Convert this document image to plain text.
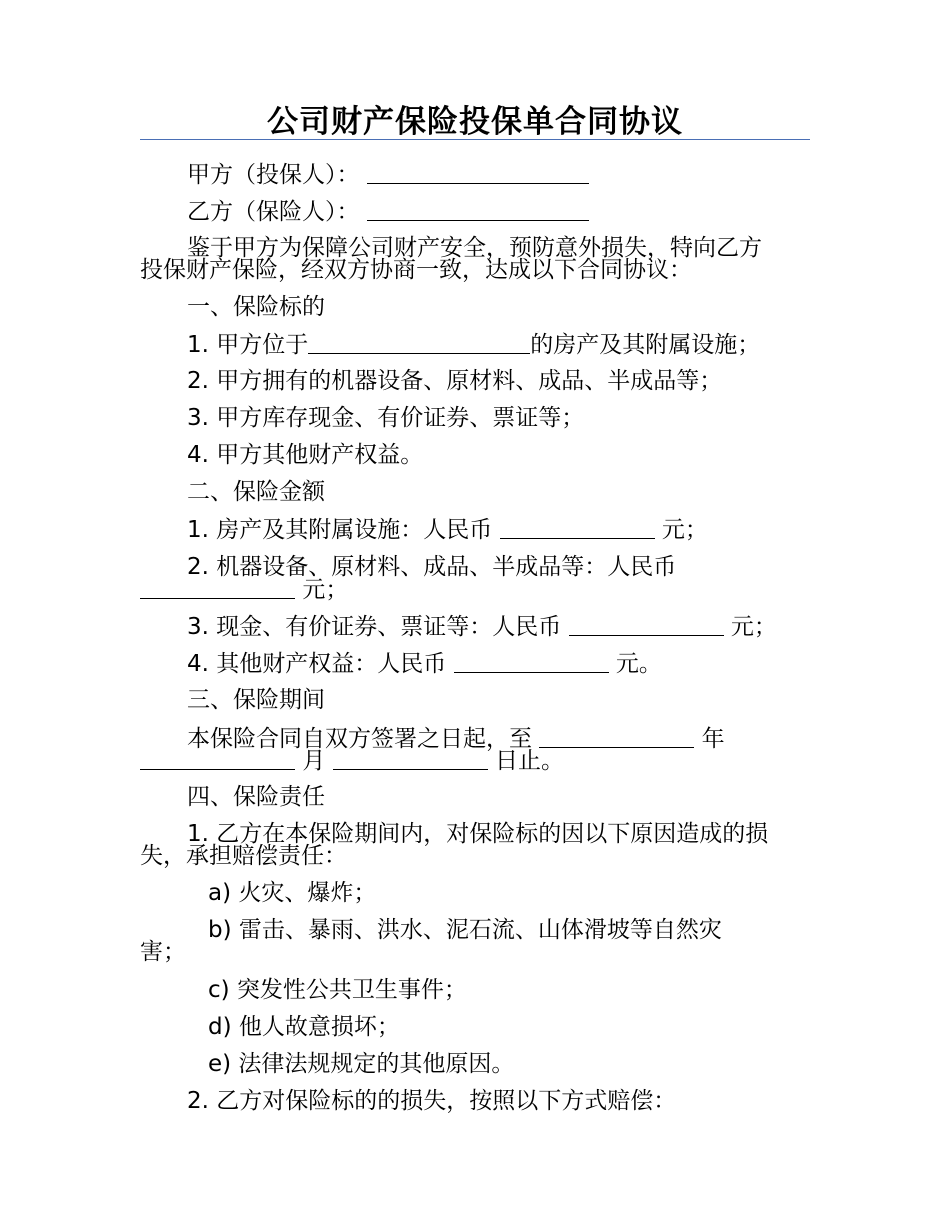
公司财产保险投保单合同协议
甲方（投保人）：
乙方（保险人）：
鉴于甲方为保障公司财产安全，预防意外损失，特向乙方
投保财产保险，经双方协商一致，达成以下合同协议：
一、保险标的
1. 甲方位于	的房产及其附属设施；
2. 甲方拥有的机器设备、原材料、成品、半成品等；
3. 甲方库存现金、有价证券、票证等；
4. 甲方其他财产权益。
二、保险金额
1. 房产及其附属设施：人民币	元；
2. 机器设备、原材料、成品、半成品等：人民币
元；
3. 现金、有价证券、票证等：人民币	元；
4. 其他财产权益：人民币	元。
三、保险期间
本保险合同自双方签署之日起，至	年
月	日止。
四、保险责任
1. 乙方在本保险期间内，对保险标的因以下原因造成的损
失，承担赔偿责任：
a) 火灾、爆炸；
b) 雷击、暴雨、洪水、泥石流、山体滑坡等自然灾
害；
c) 突发性公共卫生事件；
d) 他人故意损坏；
e) 法律法规规定的其他原因。
2. 乙方对保险标的的损失，按照以下方式赔偿：
